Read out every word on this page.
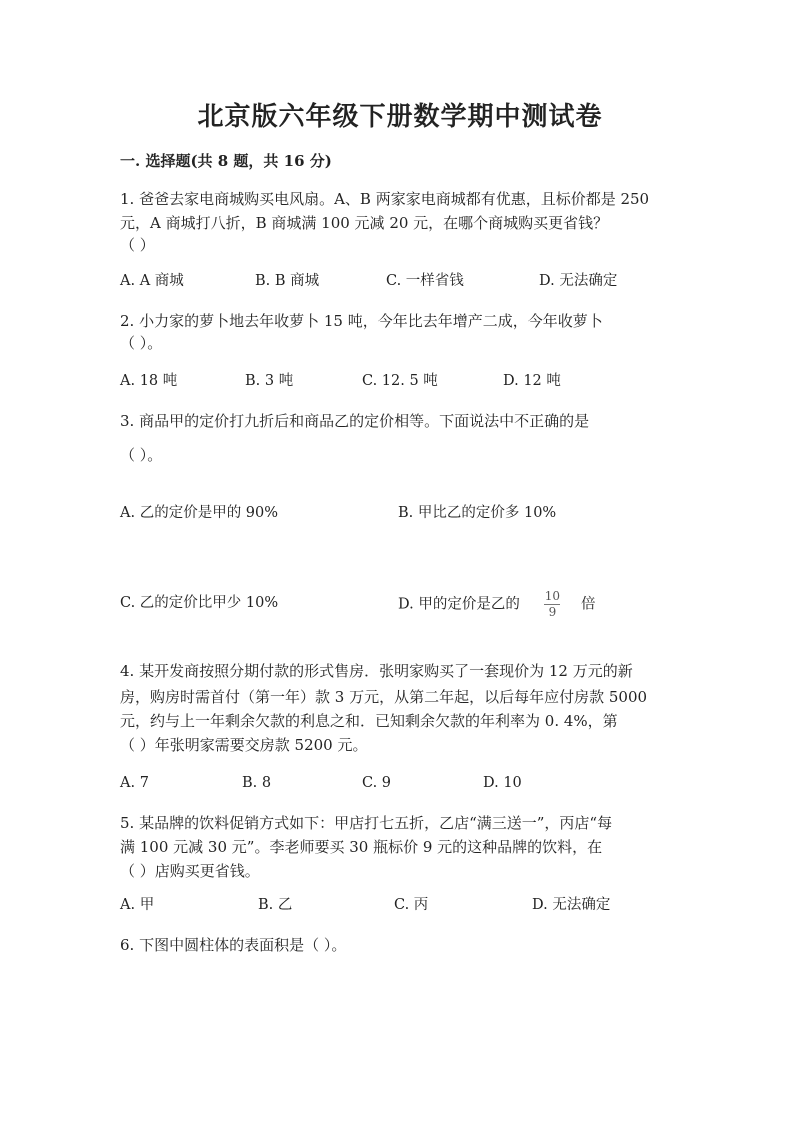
北京版六年级下册数学期中测试卷
一. 选择题(共 8 题，共 16 分)
1. 爸爸去家电商城购买电风扇。A、B 两家家电商城都有优惠，且标价都是 250
元，A 商城打八折，B 商城满 100 元减 20 元，在哪个商城购买更省钱？
（ ）
A. A 商城	B. B 商城	C. 一样省钱	D. 无法确定
2. 小力家的萝卜地去年收萝卜 15 吨，今年比去年增产二成，今年收萝卜
（ ）。
A. 18 吨	B. 3 吨	C. 12. 5 吨	D. 12 吨
3. 商品甲的定价打九折后和商品乙的定价相等。下面说法中不正确的是
（ ）。
A. 乙的定价是甲的 90%	B. 甲比乙的定价多 10%
C. 乙的定价比甲少 10%	D. 甲的定价是乙的 $\frac{10}{9}$ 倍
4. 某开发商按照分期付款的形式售房．张明家购买了一套现价为 12 万元的新
房，购房时需首付（第一年）款 3 万元，从第二年起，以后每年应付房款 5000
元，约与上一年剩余欠款的利息之和．已知剩余欠款的年利率为 0. 4%，第
（ ）年张明家需要交房款 5200 元。
A. 7	B. 8	C. 9	D. 10
5. 某品牌的饮料促销方式如下：甲店打七五折，乙店“满三送一”，丙店“每
满 100 元减 30 元”。李老师要买 30 瓶标价 9 元的这种品牌的饮料，在
（ ）店购买更省钱。
A. 甲	B. 乙	C. 丙	D. 无法确定
6. 下图中圆柱体的表面积是（ ）。
